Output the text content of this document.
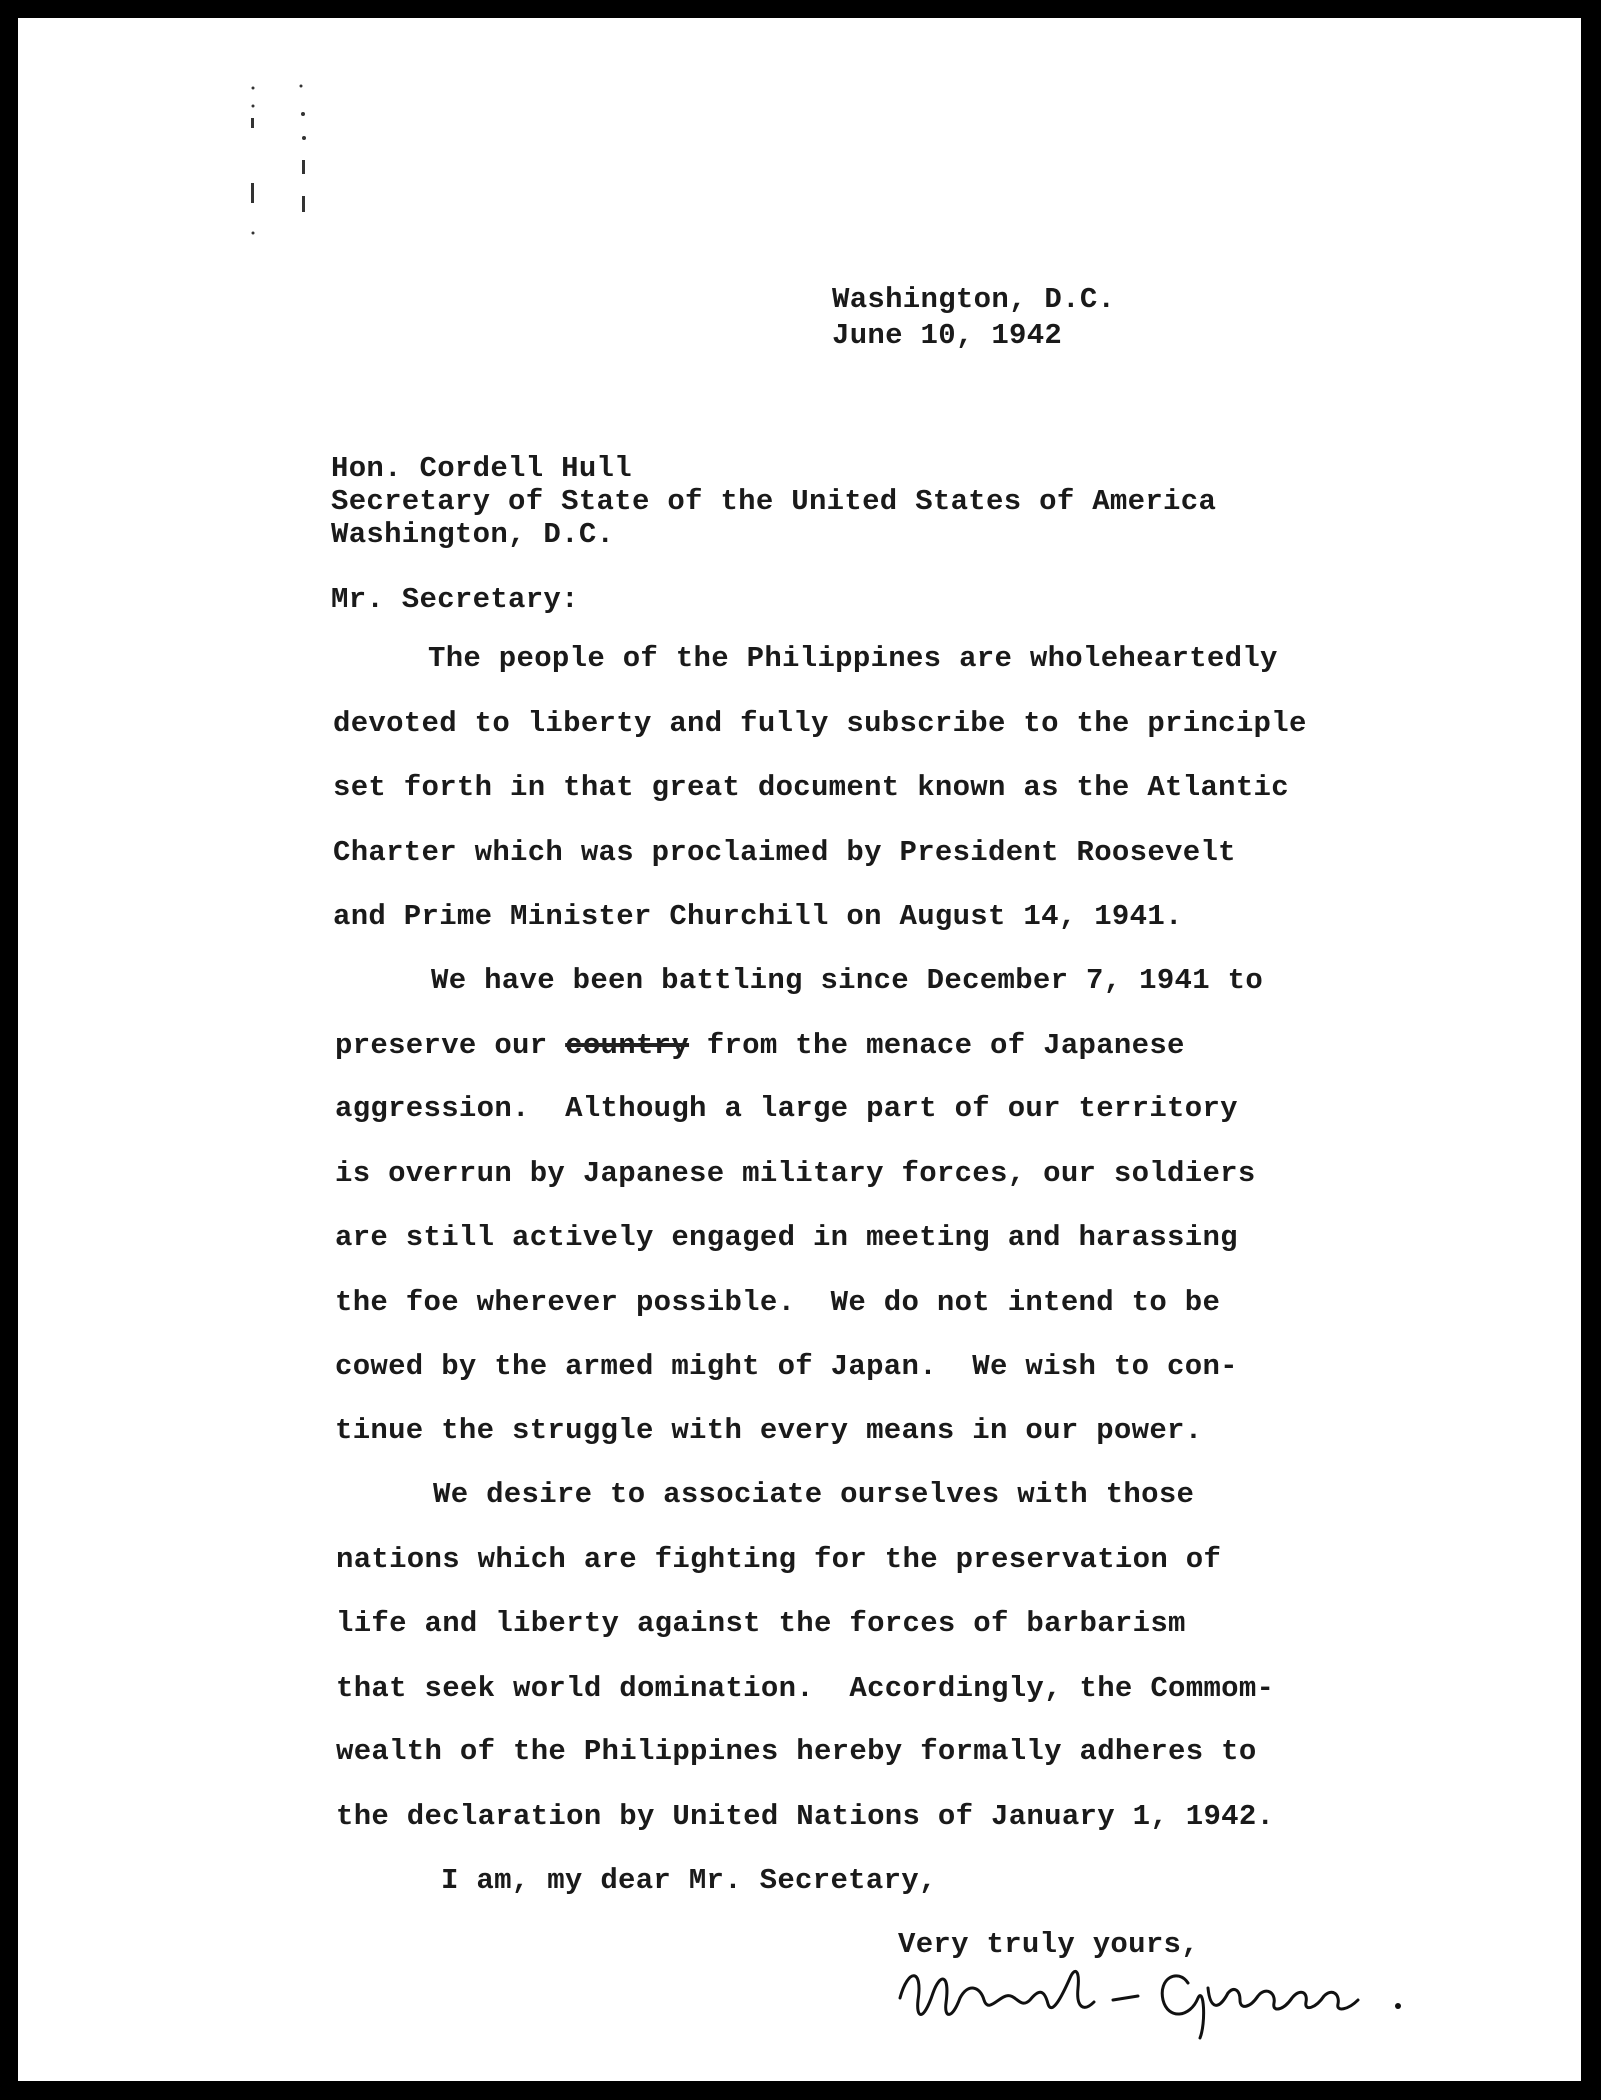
Washington, D.C.
June 10, 1942
Hon. Cordell Hull
Secretary of State of the United States of America
Washington, D.C.
Mr. Secretary:
The people of the Philippines are wholeheartedly
devoted to liberty and fully subscribe to the principle
set forth in that great document known as the Atlantic
Charter which was proclaimed by President Roosevelt
and Prime Minister Churchill on August 14, 1941.
We have been battling since December 7, 1941 to
preserve our country from the menace of Japanese
aggression.  Although a large part of our territory
is overrun by Japanese military forces, our soldiers
are still actively engaged in meeting and harassing
the foe wherever possible.  We do not intend to be
cowed by the armed might of Japan.  We wish to con-
tinue the struggle with every means in our power.
We desire to associate ourselves with those
nations which are fighting for the preservation of
life and liberty against the forces of barbarism
that seek world domination.  Accordingly, the Commom-
wealth of the Philippines hereby formally adheres to
the declaration by United Nations of January 1, 1942.
I am, my dear Mr. Secretary,
Very truly yours,
